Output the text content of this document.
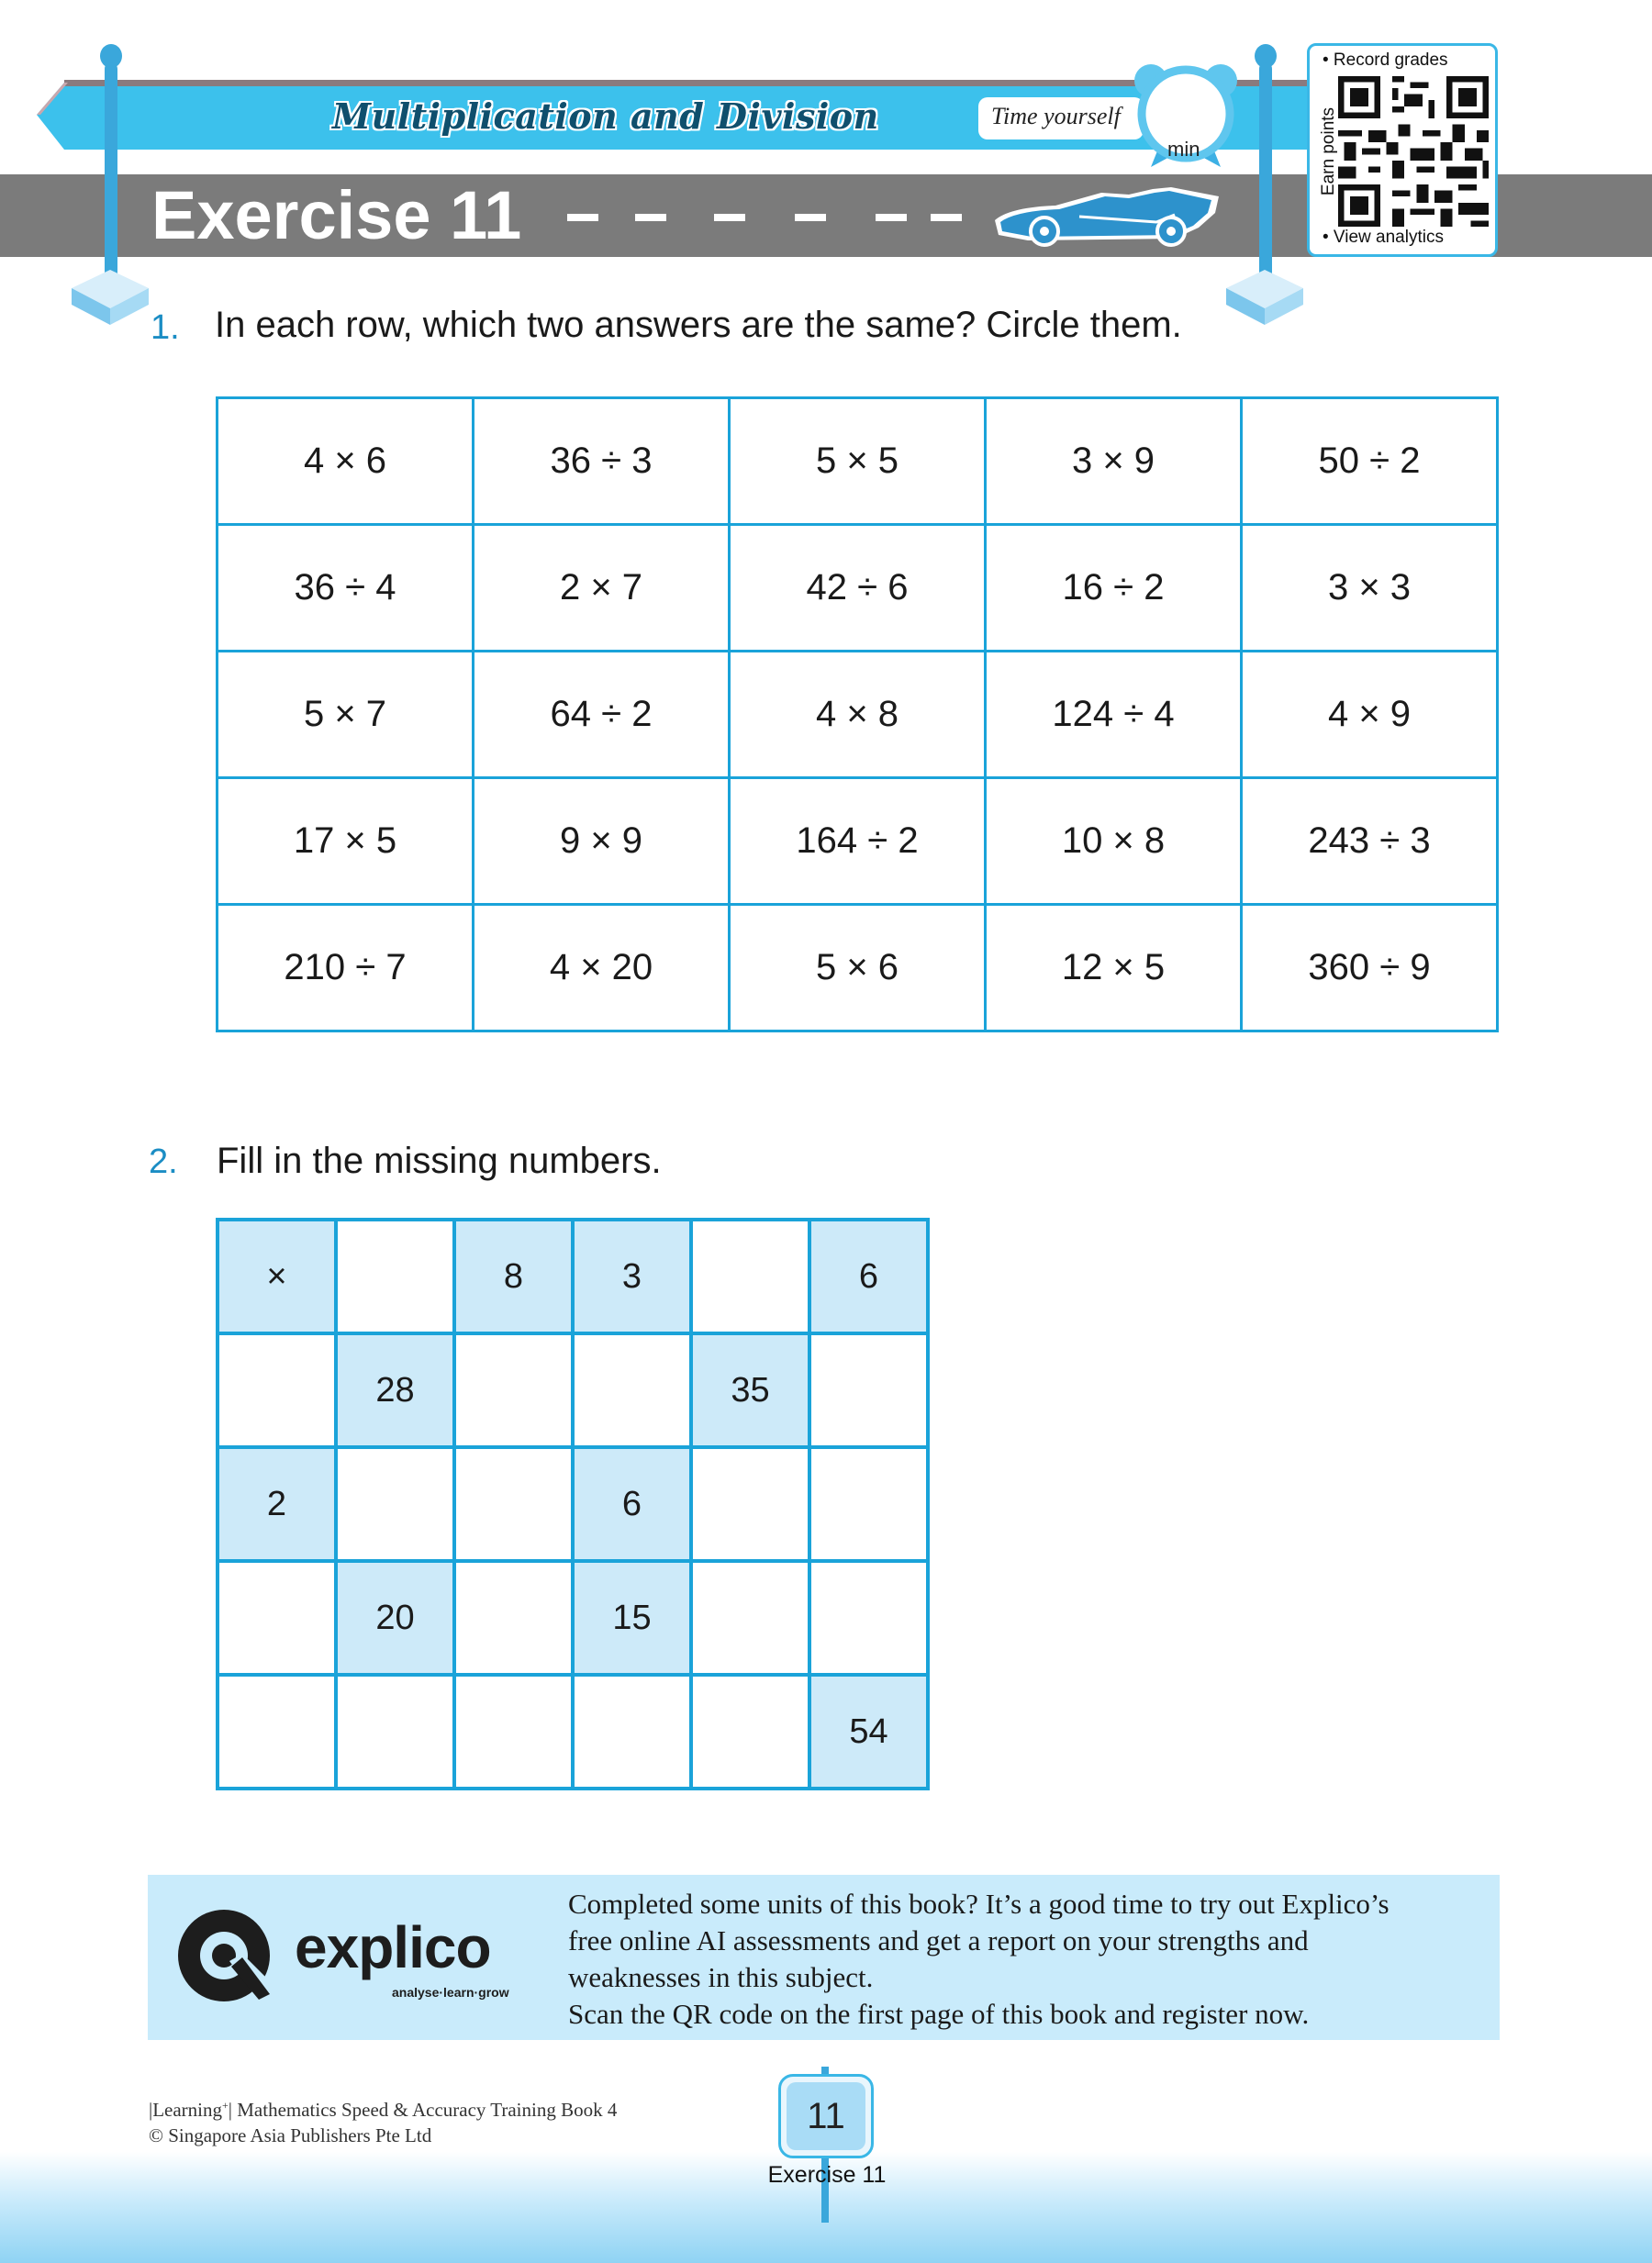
Multiplication and Division	Time yourself
min
Exercise 11
• Record grades
Earn points
• View analytics
1. In each row, which two answers are the same? Circle them.
4 × 6	36 ÷ 3	5 × 5	3 × 9	50 ÷ 2
36 ÷ 4	2 × 7	42 ÷ 6	16 ÷ 2	3 × 3
5 × 7	64 ÷ 2	4 × 8	124 ÷ 4	4 × 9
17 × 5	9 × 9	164 ÷ 2	10 × 8	243 ÷ 3
210 ÷ 7	4 × 20	5 × 6	12 × 5	360 ÷ 9
2. Fill in the missing numbers.
×		8	3		6
	28			35	
2			6		
	20		15		
					54
explico
analyse·learn·grow
Completed some units of this book? It’s a good time to try out Explico’s
free online AI assessments and get a report on your strengths and
weaknesses in this subject.
Scan the QR code on the first page of this book and register now.
|Learning+| Mathematics Speed & Accuracy Training Book 4
© Singapore Asia Publishers Pte Ltd	11
Exercise 11
